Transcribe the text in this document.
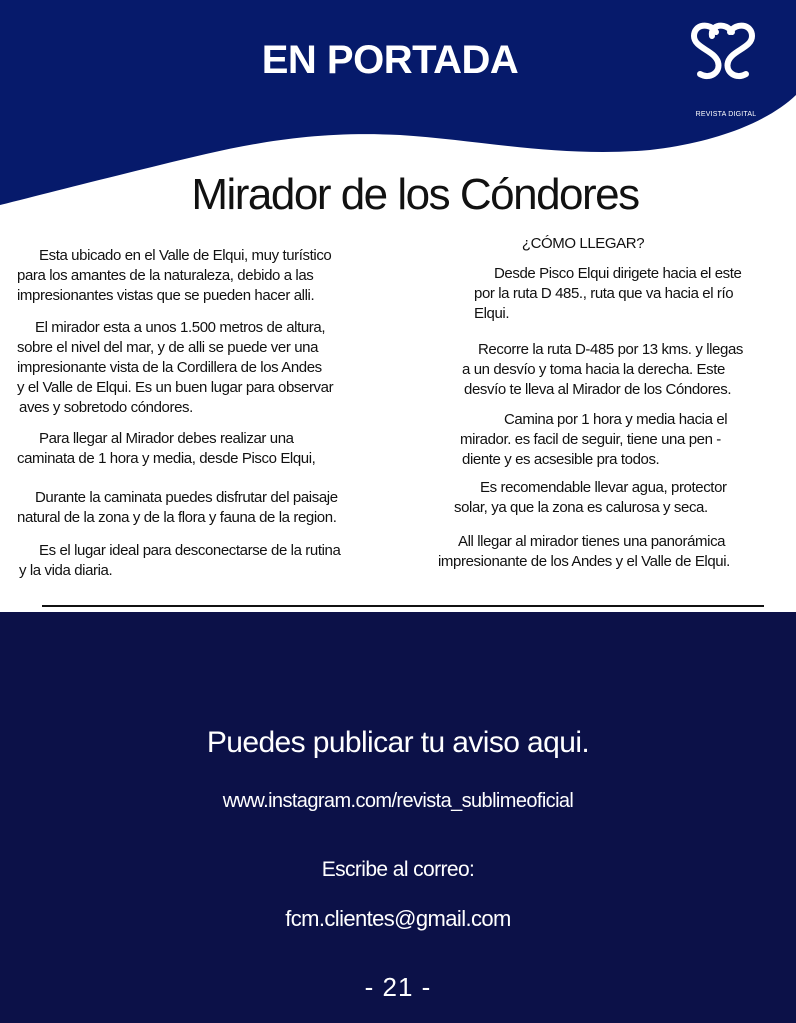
EN PORTADA
REVISTA DIGITAL
Mirador de los Cóndores

Esta ubicado en el Valle de Elqui, muy turístico
para los amantes de la naturaleza, debido a las
impresionantes vistas que se pueden hacer alli.

El mirador esta a unos 1.500 metros de altura,
sobre el nivel del mar, y de alli se puede ver una
impresionante vista de la Cordillera de los Andes
y el Valle de Elqui. Es un buen lugar para observar
aves y sobretodo cóndores.

Para llegar al Mirador debes realizar una
caminata de 1 hora y media, desde Pisco Elqui,

Durante la caminata puedes disfrutar del paisaje
natural de la zona y de la flora y fauna de la region.

Es el lugar ideal para desconectarse de la rutina
y la vida diaria.

¿CÓMO LLEGAR?

Desde Pisco Elqui dirigete hacia el este
por la ruta D 485., ruta que va hacia el río
Elqui.

Recorre la ruta D-485 por 13 kms. y llegas
a un desvío y toma hacia la derecha. Este
desvío te lleva al Mirador de los Cóndores.

Camina por 1 hora y media hacia el
mirador. es facil de seguir, tiene una pen -
diente y es acsesible pra todos.

Es recomendable llevar agua, protector
solar, ya que la zona es calurosa y seca.

All llegar al mirador tienes una panorámica
impresionante de los Andes y el Valle de Elqui.

Puedes publicar tu aviso aqui.

www.instagram.com/revista_sublimeoficial

Escribe al correo:

fcm.clientes@gmail.com

- 21 -
